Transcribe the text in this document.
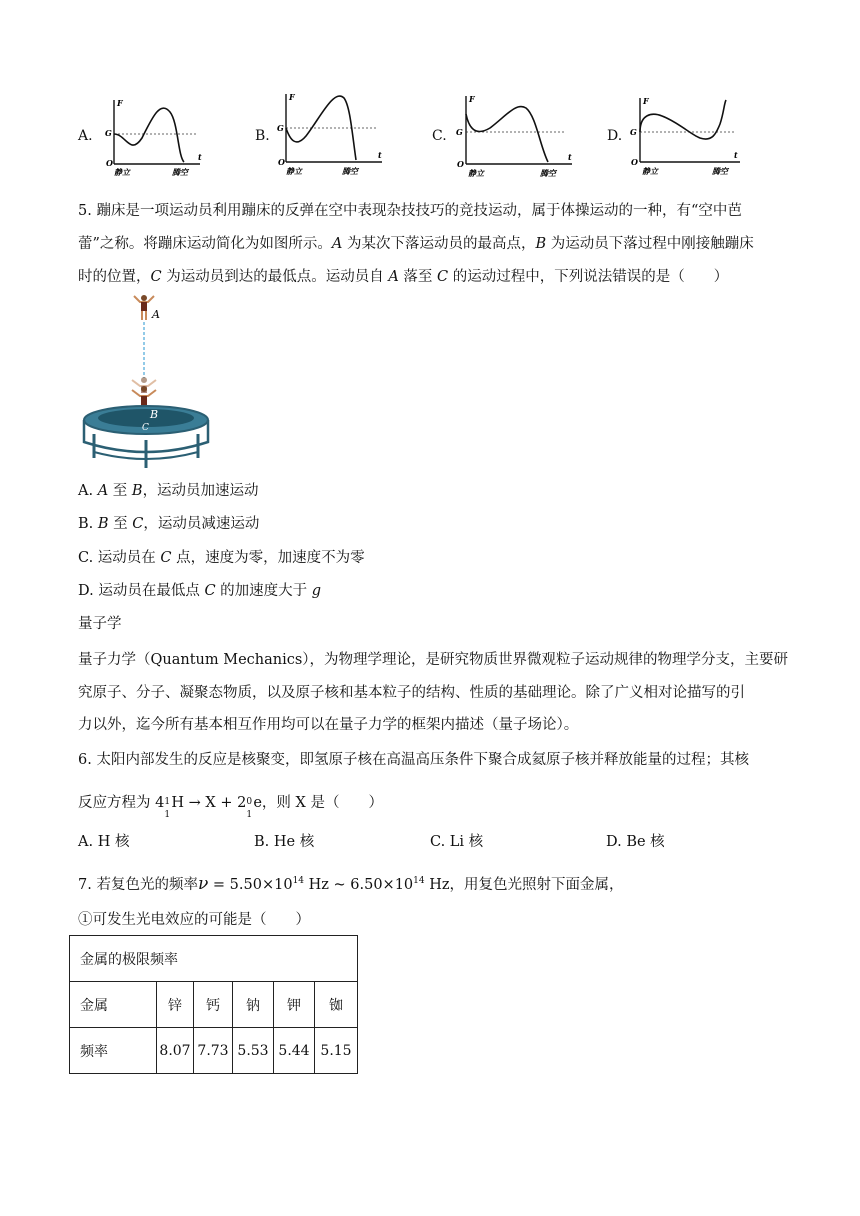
A.
F
G
O
t
静立	腾空
B.
F
G
O
t
静立	腾空
C.
F
G
O
t
静立	腾空
D.
F
G
O
t
静立	腾空
5. 蹦床是一项运动员利用蹦床的反弹在空中表现杂技技巧的竞技运动，属于体操运动的一种，有“空中芭
蕾”之称。将蹦床运动简化为如图所示。A 为某次下落运动员的最高点，B 为运动员下落过程中刚接触蹦床
时的位置，C 为运动员到达的最低点。运动员自 A 落至 C 的运动过程中，下列说法错误的是（　　）
A
B
C
A. A 至 B，运动员加速运动
B. B 至 C，运动员减速运动
C. 运动员在 C 点，速度为零，加速度不为零
D. 运动员在最低点 C 的加速度大于 g
量子学
量子力学（Quantum Mechanics），为物理学理论，是研究物质世界微观粒子运动规律的物理学分支，主要研
究原子、分子、凝聚态物质，以及原子核和基本粒子的结构、性质的基础理论。除了广义相对论描写的引
力以外，迄今所有基本相互作用均可以在量子力学的框架内描述（量子场论）。
6. 太阳内部发生的反应是核聚变，即氢原子核在高温高压条件下聚合成氦原子核并释放能量的过程；其核
反应方程为 4 1
1
H → X + 2 0
1
e，则 X 是（　　）
A. H 核	B. He 核	C. Li 核	D. Be 核
7. 若复色光的频率$\nu = 5.50\times 10^{14}$ Hz ~ $6.50\times 10^{14}$ Hz，用复色光照射下面金属，
①可发生光电效应的可能是（　　）
金属的极限频率					
金属	锌	钙	钠	钾	铷
频率	8.07	7.73	5.53	5.44	5.15
